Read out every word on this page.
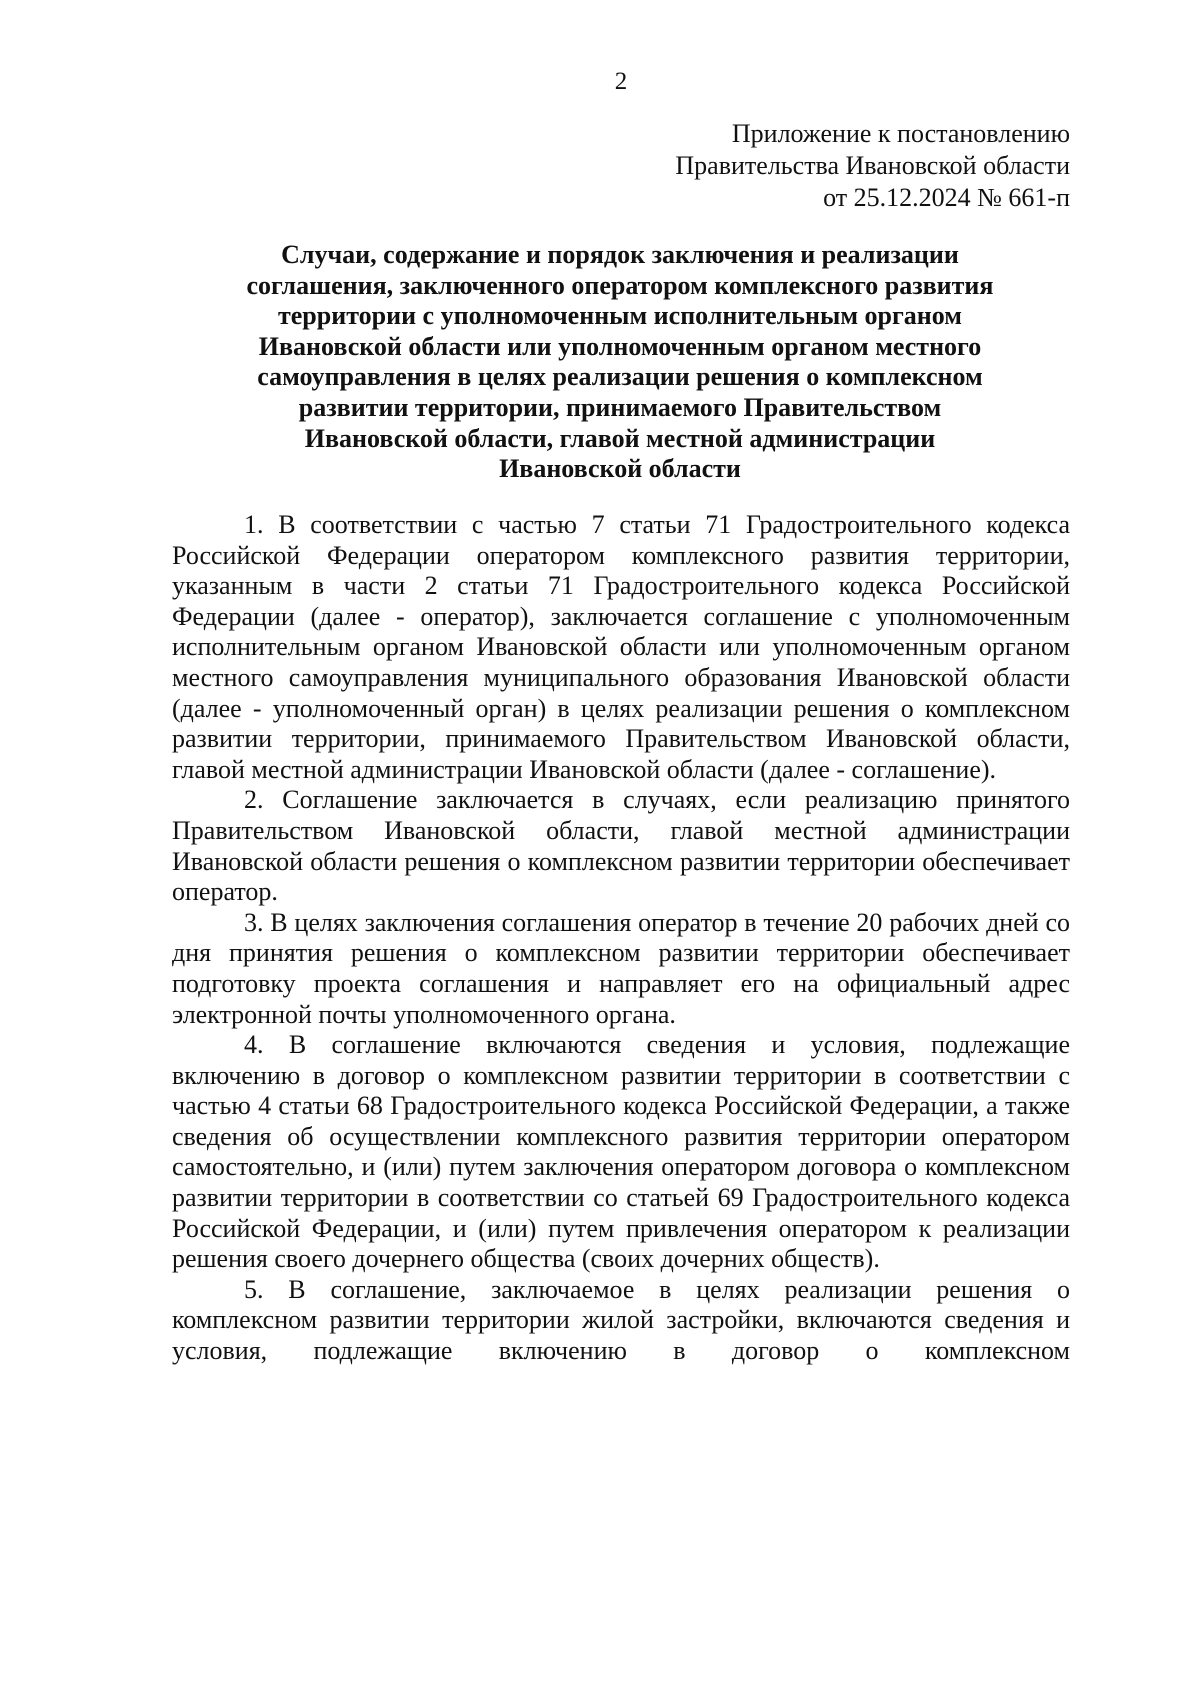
2
Приложение к постановлению
Правительства Ивановской области
от 25.12.2024 № 661-п
Случаи, содержание и порядок заключения и реализации
соглашения, заключенного оператором комплексного развития
территории с уполномоченным исполнительным органом
Ивановской области или уполномоченным органом местного
самоуправления в целях реализации решения о комплексном
развитии территории, принимаемого Правительством
Ивановской области, главой местной администрации
Ивановской области

1. В соответствии с частью 7 статьи 71 Градостроительного кодекса Российской Федерации оператором комплексного развития территории, указанным в части 2 статьи 71 Градостроительного кодекса Российской Федерации (далее - оператор), заключается соглашение с уполномоченным исполнительным органом Ивановской области или уполномоченным органом местного самоуправления муниципального образования Ивановской области (далее - уполномоченный орган) в целях реализации решения о комплексном развитии территории, принимаемого Правительством Ивановской области, главой местной администрации Ивановской области (далее - соглашение).

2. Соглашение заключается в случаях, если реализацию принятого Правительством Ивановской области, главой местной администрации Ивановской области решения о комплексном развитии территории обеспечивает оператор.

3. В целях заключения соглашения оператор в течение 20 рабочих дней со дня принятия решения о комплексном развитии территории обеспечивает подготовку проекта соглашения и направляет его на официальный адрес электронной почты уполномоченного органа.

4. В соглашение включаются сведения и условия, подлежащие включению в договор о комплексном развитии территории в соответствии с частью 4 статьи 68 Градостроительного кодекса Российской Федерации, а также сведения об осуществлении комплексного развития территории оператором самостоятельно, и (или) путем заключения оператором договора о комплексном развитии территории в соответствии со статьей 69 Градостроительного кодекса Российской Федерации, и (или) путем привлечения оператором к реализации решения своего дочернего общества (своих дочерних обществ).

5. В соглашение, заключаемое в целях реализации решения о комплексном развитии территории жилой застройки, включаются сведения и условия, подлежащие включению в договор о комплексном
